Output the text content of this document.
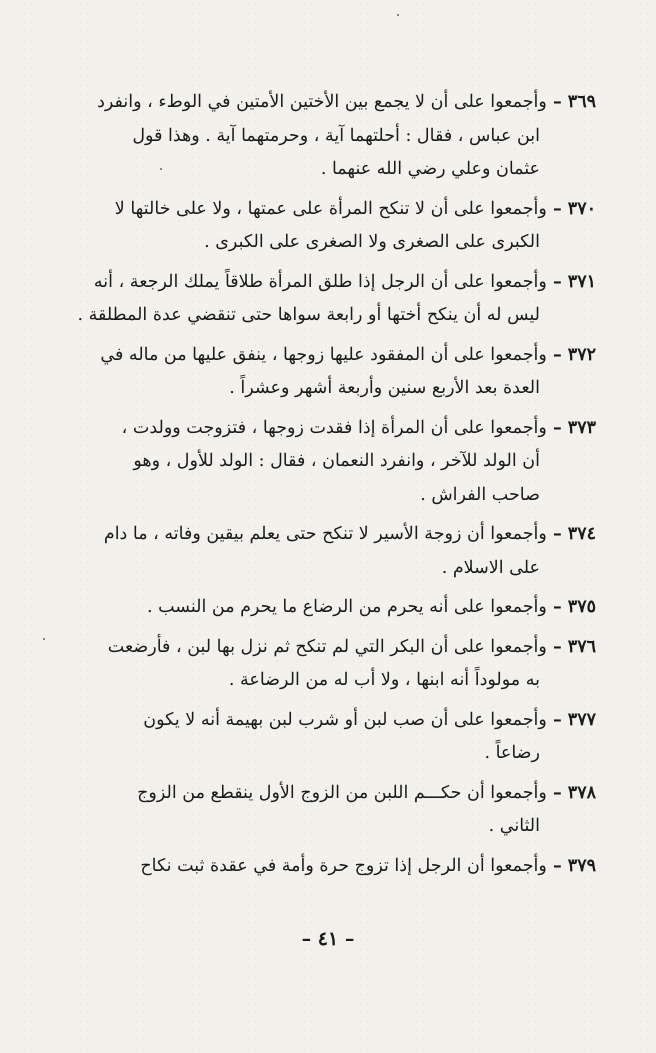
٣٦٩ – وأجمعوا على أن لا يجمع بين الأختين الأمتين في الوطء ، وانفرد
ابن عباس ، فقال : أحلتهما آية ، وحرمتهما آية . وهذا قول
عثمان وعلي رضي الله عنهما .
٣٧٠ – وأجمعوا على أن لا تنكح المرأة على عمتها ، ولا على خالتها لا
الكبرى على الصغرى ولا الصغرى على الكبرى .
٣٧١ – وأجمعوا على أن الرجل إذا طلق المرأة طلاقاً يملك الرجعة ، أنه
ليس له أن ينكح أختها أو رابعة سواها حتى تنقضي عدة المطلقة .
٣٧٢ – وأجمعوا على أن المفقود عليها زوجها ، ينفق عليها من ماله في
العدة بعد الأربع سنين وأربعة أشهر وعشراً .
٣٧٣ – وأجمعوا على أن المرأة إذا فقدت زوجها ، فتزوجت وولدت ،
أن الولد للآخر ، وانفرد النعمان ، فقال : الولد للأول ، وهو
صاحب الفراش .
٣٧٤ – وأجمعوا أن زوجة الأسير لا تنكح حتى يعلم بيقين وفاته ، ما دام
على الاسلام .
٣٧٥ – وأجمعوا على أنه يحرم من الرضاع ما يحرم من النسب .
٣٧٦ – وأجمعوا على أن البكر التي لم تنكح ثم نزل بها لبن ، فأرضعت
به مولوداً أنه ابنها ، ولا أب له من الرضاعة .
٣٧٧ – وأجمعوا على أن صب لبن أو شرب لبن بهيمة أنه لا يكون
رضاعاً .
٣٧٨ – وأجمعوا أن حكـــم اللبن من الزوج الأول ينقطع من الزوج
الثاني .
٣٧٩ – وأجمعوا أن الرجل إذا تزوج حرة وأمة في عقدة ثبت نكاح
– ٤١ –
